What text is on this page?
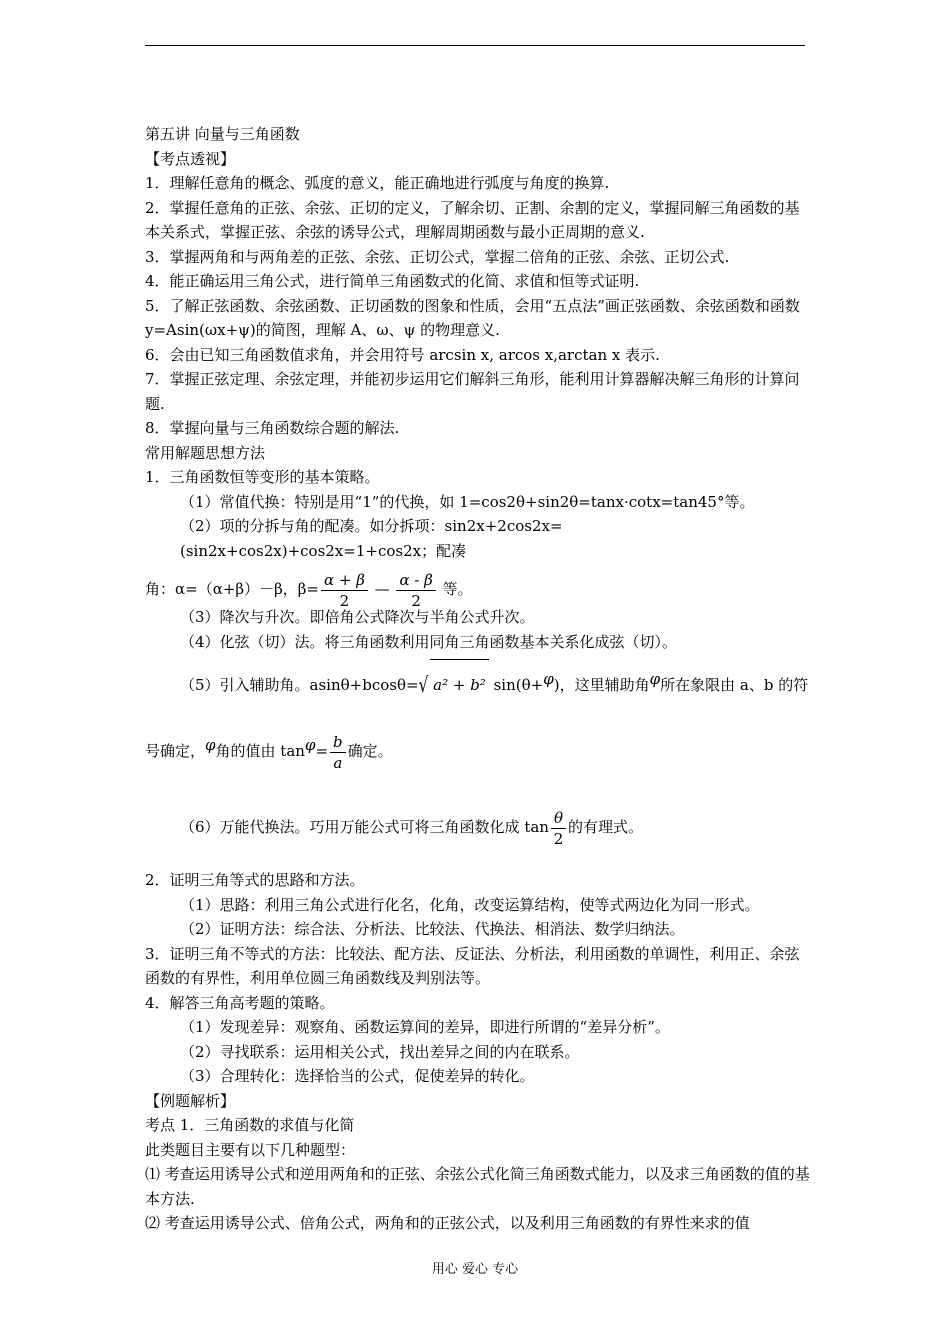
第五讲 向量与三角函数

【考点透视】

1．理解任意角的概念、弧度的意义，能正确地进行弧度与角度的换算.

2．掌握任意角的正弦、余弦、正切的定义，了解余切、正割、余割的定义，掌握同解三角函数的基本关系式，掌握正弦、余弦的诱导公式，理解周期函数与最小正周期的意义.

3．掌握两角和与两角差的正弦、余弦、正切公式，掌握二倍角的正弦、余弦、正切公式.

4．能正确运用三角公式，进行简单三角函数式的化简、求值和恒等式证明.

5．了解正弦函数、余弦函数、正切函数的图象和性质，会用“五点法”画正弦函数、余弦函数和函数 y=Asin(ωx+ψ)的简图，理解 A、ω、ψ 的物理意义.

6．会由已知三角函数值求角，并会用符号 arcsin x, arcos x,arctan x 表示.

7．掌握正弦定理、余弦定理，并能初步运用它们解斜三角形，能利用计算器解决解三角形的计算问题.

8．掌握向量与三角函数综合题的解法.

常用解题思想方法

1．三角函数恒等变形的基本策略。

（1）常值代换：特别是用“1”的代换，如 1=cos2θ+sin2θ=tanx·cotx=tan45°等。

（2）项的分拆与角的配凑。如分拆项：sin2x+2cos2x=(sin2x+cos2x)+cos2x=1+cos2x；配凑

角：α=（α+β）－β，$\beta= \frac{\alpha + \beta}{2}$ — $\frac{\alpha - \beta}{2}$ 等。

（3）降次与升次。即倍角公式降次与半角公式升次。

（4）化弦（切）法。将三角函数利用同角三角函数基本关系化成弦（切）。

（5）引入辅助角。asinθ+bcosθ=√ a² + b² sin(θ+φ)，这里辅助角φ所在象限由 a、b 的符

号确定，φ角的值由 $\tan\varphi= \frac{b}{a}$ 确定。

（6）万能代换法。巧用万能公式可将三角函数化成 $\tan \frac{\theta}{2}$ 的有理式。

2．证明三角等式的思路和方法。

（1）思路：利用三角公式进行化名，化角，改变运算结构，使等式两边化为同一形式。

（2）证明方法：综合法、分析法、比较法、代换法、相消法、数学归纳法。

3．证明三角不等式的方法：比较法、配方法、反证法、分析法，利用函数的单调性，利用正、余弦函数的有界性，利用单位圆三角函数线及判别法等。

4．解答三角高考题的策略。

（1）发现差异：观察角、函数运算间的差异，即进行所谓的“差异分析”。

（2）寻找联系：运用相关公式，找出差异之间的内在联系。

（3）合理转化：选择恰当的公式，促使差异的转化。

【例题解析】

考点 1．三角函数的求值与化简

此类题目主要有以下几种题型：

⑴ 考查运用诱导公式和逆用两角和的正弦、余弦公式化简三角函数式能力，以及求三角函数的值的基本方法.

⑵ 考查运用诱导公式、倍角公式，两角和的正弦公式，以及利用三角函数的有界性来求的值

用心 爱心 专心
